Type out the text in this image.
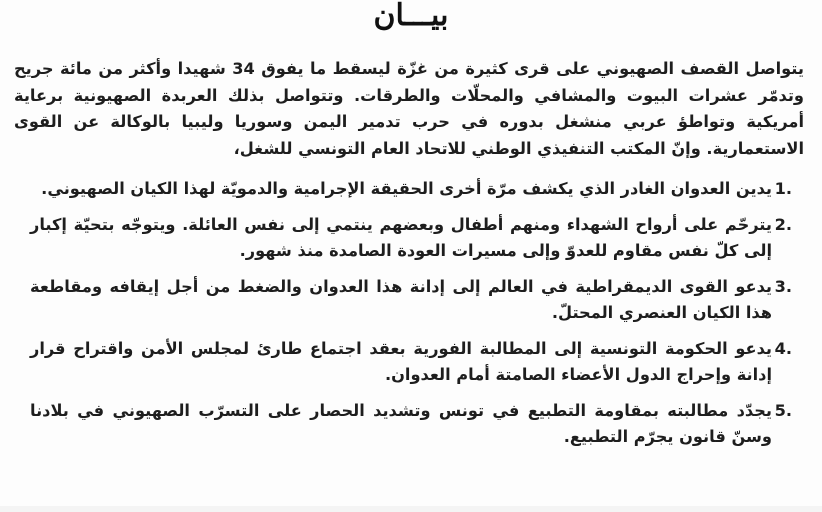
بيـــان

يتواصل القصف الصهيوني على قرى كثيرة من غزّة ليسقط ما يفوق 34 شهيدا وأكثر من مائة جريح وتدمّر عشرات البيوت والمشافي والمحلّات والطرقات. وتتواصل بذلك العربدة الصهيونية برعاية أمريكية وتواطؤ عربي منشغل بدوره في حرب تدمير اليمن وسوريا وليبيا بالوكالة عن القوى الاستعمارية. وإنّ المكتب التنفيذي الوطني للاتحاد العام التونسي للشغل،

1.
يدين العدوان الغادر الذي يكشف مرّة أخرى الحقيقة الإجرامية والدمويّة لهذا الكيان الصهيوني.
2.
يترحّم على أرواح الشهداء ومنهم أطفال وبعضهم ينتمي إلى نفس العائلة. ويتوجّه بتحيّة إكبار إلى كلّ نفس مقاوم للعدوّ وإلى مسيرات العودة الصامدة منذ شهور.
3.
يدعو القوى الديمقراطية في العالم إلى إدانة هذا العدوان والضغط من أجل إيقافه ومقاطعة هذا الكيان العنصري المحتلّ.
4.
يدعو الحكومة التونسية إلى المطالبة الفورية بعقد اجتماع طارئ لمجلس الأمن واقتراح قرار إدانة وإحراج الدول الأعضاء الصامتة أمام العدوان.
5.
يجدّد مطالبته بمقاومة التطبيع في تونس وتشديد الحصار على التسرّب الصهيوني في بلادنا وسنّ قانون يجرّم التطبيع.
